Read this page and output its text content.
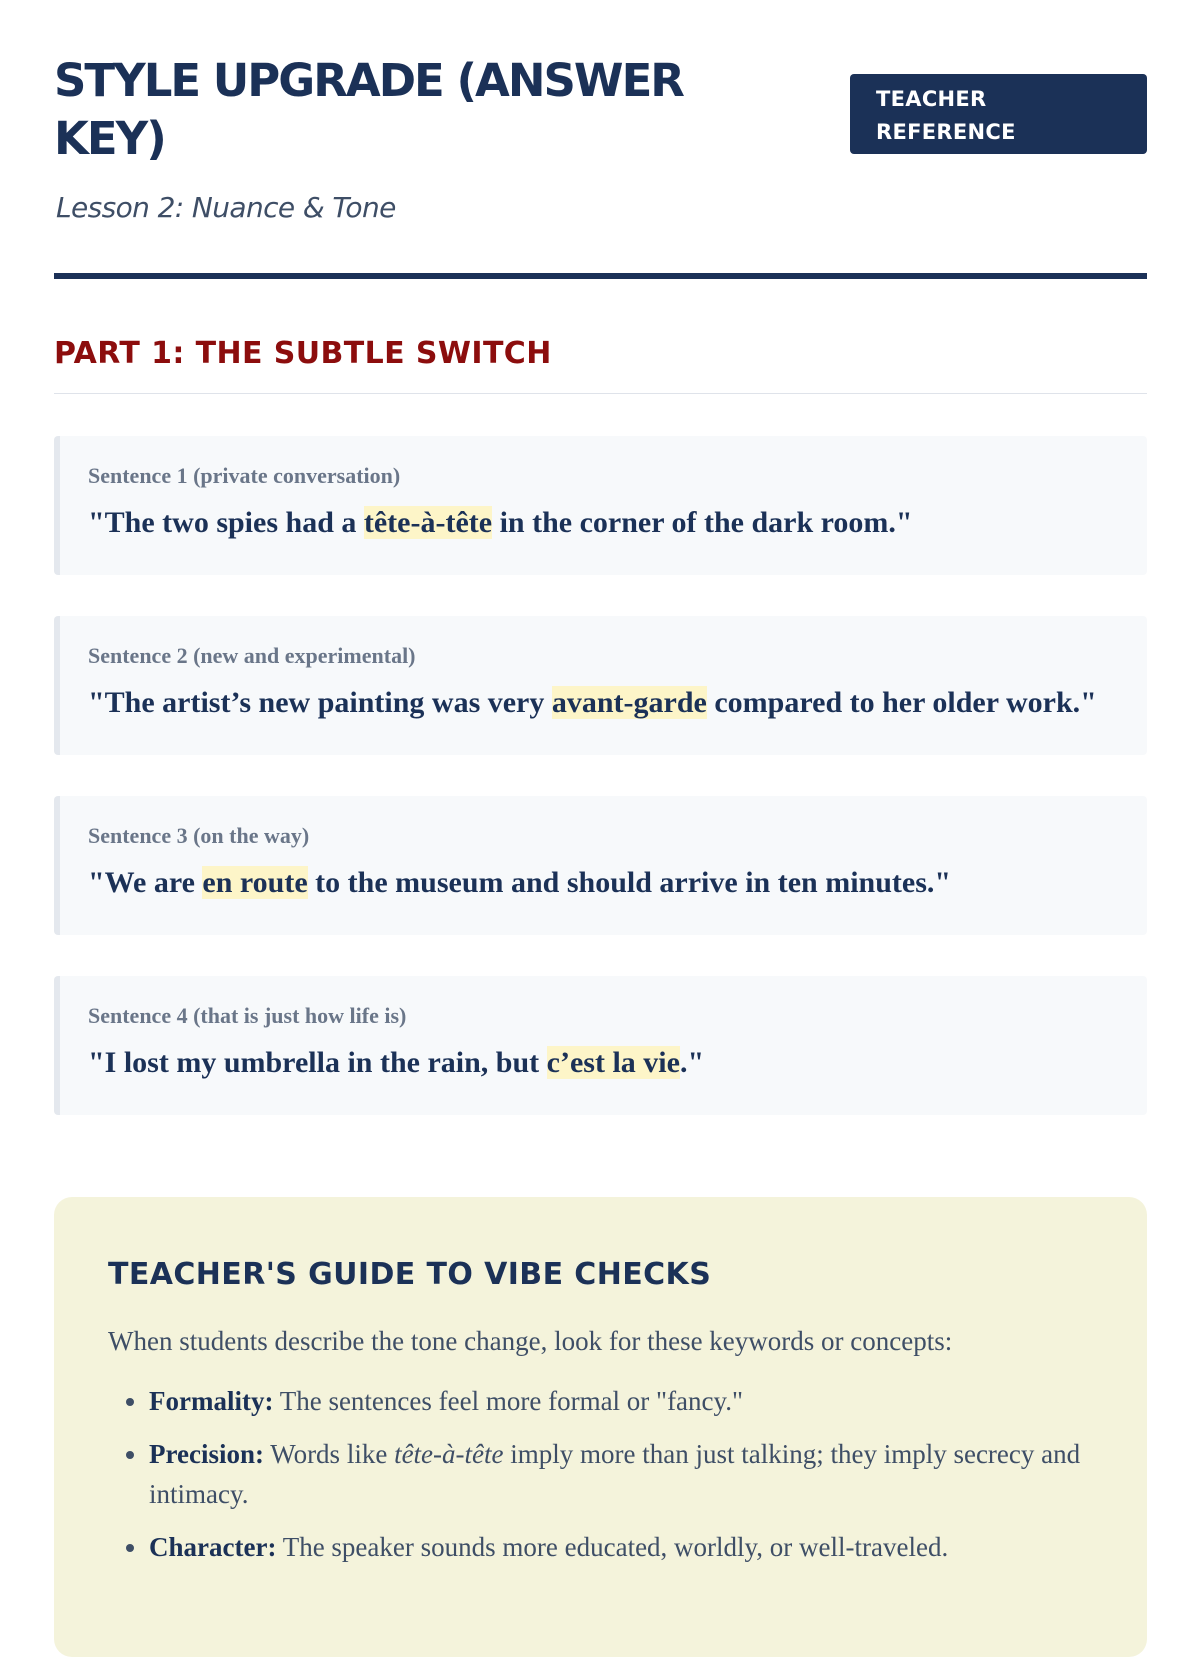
STYLE UPGRADE (ANSWER KEY)
TEACHER
REFERENCE

Lesson 2: Nuance & Tone

PART 1: THE SUBTLE SWITCH
Sentence 1 (private conversation)
"The two spies had a tête-à-tête in the corner of the dark room."
Sentence 2 (new and experimental)
"The artist’s new painting was very avant-garde compared to her older work."
Sentence 3 (on the way)
"We are en route to the museum and should arrive in ten minutes."
Sentence 4 (that is just how life is)
"I lost my umbrella in the rain, but c’est la vie."
TEACHER'S GUIDE TO VIBE CHECKS

When students describe the tone change, look for these keywords or concepts:

• Formality: The sentences feel more formal or "fancy."
• Precision: Words like tête-à-tête imply more than just talking; they imply secrecy and intimacy.
• Character: The speaker sounds more educated, worldly, or well-traveled.
